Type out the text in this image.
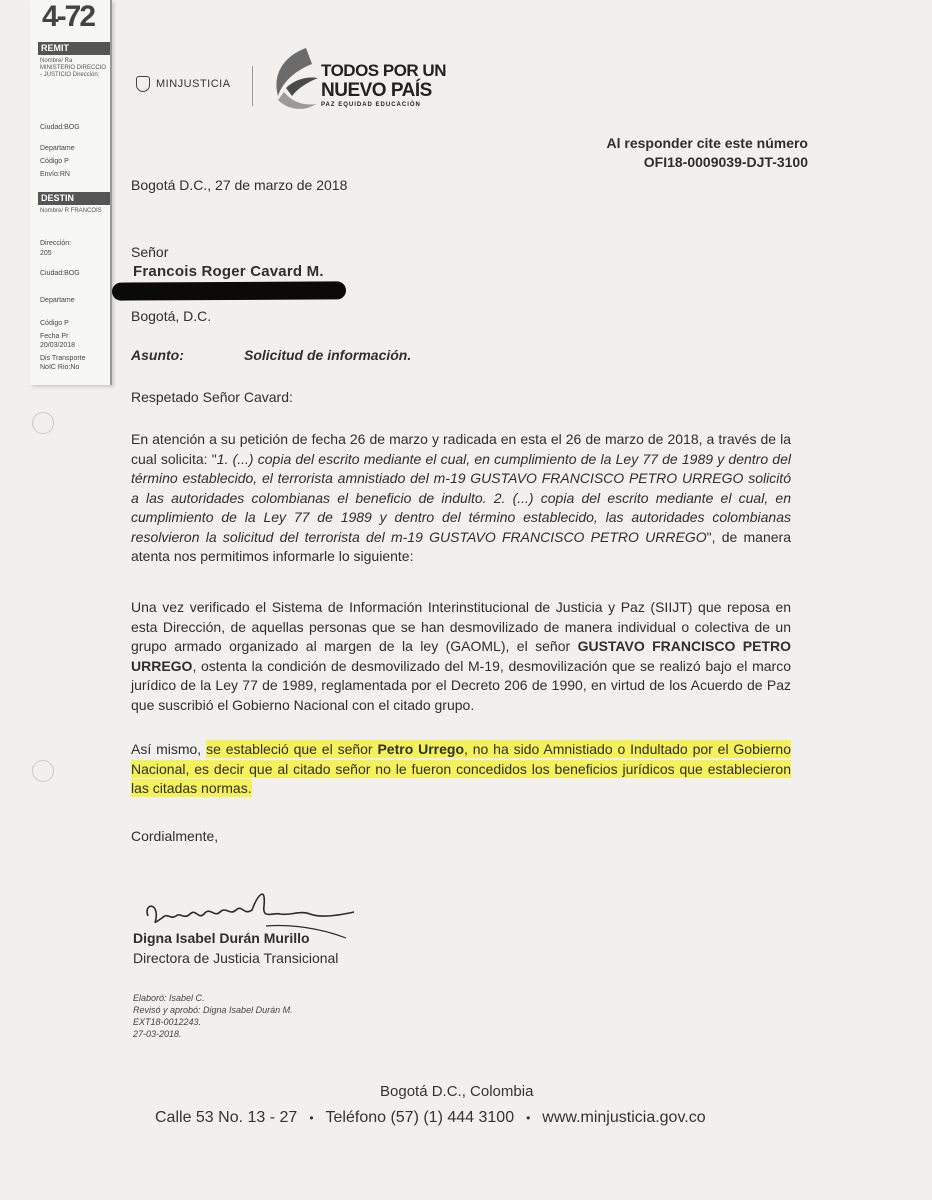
4-72
REMIT
Nombre/ Ra MINISTERIO DIRECCIO - JUSTICIO Dirección:
Ciudad:BOG
Departame
Código P
Envío:RN
DESTIN
Nombre/ R FRANCOIS
Dirección:
205
Ciudad:BOG
Departame
Código P
Fecha Pr
20/03/2018
Dis Transporte
NoIC Rio:No
MINJUSTICIA
TODOS POR UN
NUEVO PAÍS
PAZ EQUIDAD EDUCACIÓN
Al responder cite este número
OFI18-0009039-DJT-3100
Bogotá D.C., 27 de marzo de 2018
Señor
Francois Roger Cavard M.
Bogotá, D.C.
Asunto:	Solicitud de información.
Respetado Señor Cavard:
En atención a su petición de fecha 26 de marzo y radicada en esta el 26 de marzo de 2018, a través de la cual solicita: "1. (...) copia del escrito mediante el cual, en cumplimiento de la Ley 77 de 1989 y dentro del término establecido, el terrorista amnistiado del m-19 GUSTAVO FRANCISCO PETRO URREGO solicitó a las autoridades colombianas el beneficio de indulto. 2. (...) copia del escrito mediante el cual, en cumplimiento de la Ley 77 de 1989 y dentro del término establecido, las autoridades colombianas resolvieron la solicitud del terrorista del m-19 GUSTAVO FRANCISCO PETRO URREGO", de manera atenta nos permitimos informarle lo siguiente:
Una vez verificado el Sistema de Información Interinstitucional de Justicia y Paz (SIIJT) que reposa en esta Dirección, de aquellas personas que se han desmovilizado de manera individual o colectiva de un grupo armado organizado al margen de la ley (GAOML), el señor GUSTAVO FRANCISCO PETRO URREGO, ostenta la condición de desmovilizado del M-19, desmovilización que se realizó bajo el marco jurídico de la Ley 77 de 1989, reglamentada por el Decreto 206 de 1990, en virtud de los Acuerdo de Paz que suscribió el Gobierno Nacional con el citado grupo.
Así mismo, se estableció que el señor Petro Urrego, no ha sido Amnistiado o Indultado por el Gobierno Nacional, es decir que al citado señor no le fueron concedidos los beneficios jurídicos que establecieron las citadas normas.
Cordialmente,
Digna Isabel Durán Murillo
Directora de Justicia Transicional
Elaboró: Isabel C.
Revisó y aprobó: Digna Isabel Durán M.
EXT18-0012243.
27-03-2018.
Bogotá D.C., Colombia
Calle 53 No. 13 - 27 • Teléfono (57) (1) 444 3100 • www.minjusticia.gov.co
